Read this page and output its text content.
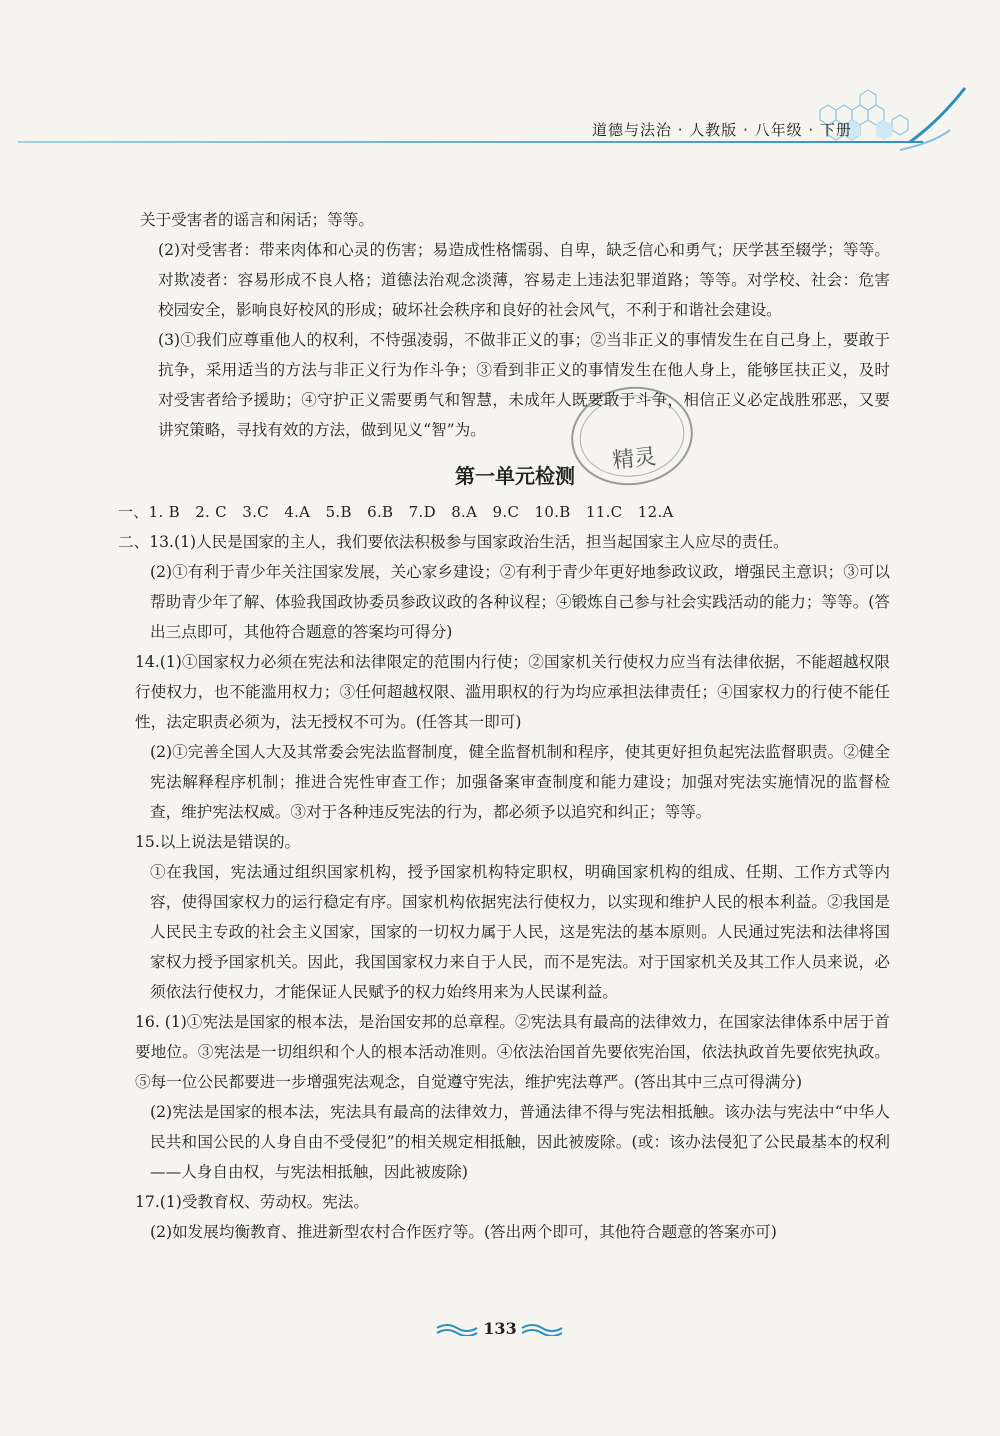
道德与法治 · 人教版 · 八年级 · 下册
精灵

关于受害者的谣言和闲话；等等。

(2)对受害者：带来肉体和心灵的伤害；易造成性格懦弱、自卑，缺乏信心和勇气；厌学甚至辍学；等等。对欺凌者：容易形成不良人格；道德法治观念淡薄，容易走上违法犯罪道路；等等。对学校、社会：危害校园安全，影响良好校风的形成；破坏社会秩序和良好的社会风气，不利于和谐社会建设。

(3)①我们应尊重他人的权利，不恃强凌弱，不做非正义的事；②当非正义的事情发生在自己身上，要敢于抗争，采用适当的方法与非正义行为作斗争；③看到非正义的事情发生在他人身上，能够匡扶正义，及时对受害者给予援助；④守护正义需要勇气和智慧，未成年人既要敢于斗争，相信正义必定战胜邪恶，又要讲究策略，寻找有效的方法，做到见义“智”为。

第一单元检测

一、1. B　2. C　3.C　4.A　5.B　6.B　7.D　8.A　9.C　10.B　11.C　12.A

二、13.(1)人民是国家的主人，我们要依法积极参与国家政治生活，担当起国家主人应尽的责任。

(2)①有利于青少年关注国家发展，关心家乡建设；②有利于青少年更好地参政议政，增强民主意识；③可以帮助青少年了解、体验我国政协委员参政议政的各种议程；④锻炼自己参与社会实践活动的能力；等等。(答出三点即可，其他符合题意的答案均可得分)

14.(1)①国家权力必须在宪法和法律限定的范围内行使；②国家机关行使权力应当有法律依据，不能超越权限行使权力，也不能滥用权力；③任何超越权限、滥用职权的行为均应承担法律责任；④国家权力的行使不能任性，法定职责必须为，法无授权不可为。(任答其一即可)

(2)①完善全国人大及其常委会宪法监督制度，健全监督机制和程序，使其更好担负起宪法监督职责。②健全宪法解释程序机制；推进合宪性审查工作；加强备案审查制度和能力建设；加强对宪法实施情况的监督检查，维护宪法权威。③对于各种违反宪法的行为，都必须予以追究和纠正；等等。

15.以上说法是错误的。

①在我国，宪法通过组织国家机构，授予国家机构特定职权，明确国家机构的组成、任期、工作方式等内容，使得国家权力的运行稳定有序。国家机构依据宪法行使权力，以实现和维护人民的根本利益。②我国是人民民主专政的社会主义国家，国家的一切权力属于人民，这是宪法的基本原则。人民通过宪法和法律将国家权力授予国家机关。因此，我国国家权力来自于人民，而不是宪法。对于国家机关及其工作人员来说，必须依法行使权力，才能保证人民赋予的权力始终用来为人民谋利益。

16. (1)①宪法是国家的根本法，是治国安邦的总章程。②宪法具有最高的法律效力，在国家法律体系中居于首要地位。③宪法是一切组织和个人的根本活动准则。④依法治国首先要依宪治国，依法执政首先要依宪执政。⑤每一位公民都要进一步增强宪法观念，自觉遵守宪法，维护宪法尊严。(答出其中三点可得满分)

(2)宪法是国家的根本法，宪法具有最高的法律效力，普通法律不得与宪法相抵触。该办法与宪法中“中华人民共和国公民的人身自由不受侵犯”的相关规定相抵触，因此被废除。(或：该办法侵犯了公民最基本的权利——人身自由权，与宪法相抵触，因此被废除)

17.(1)受教育权、劳动权。宪法。

(2)如发展均衡教育、推进新型农村合作医疗等。(答出两个即可，其他符合题意的答案亦可)

133
